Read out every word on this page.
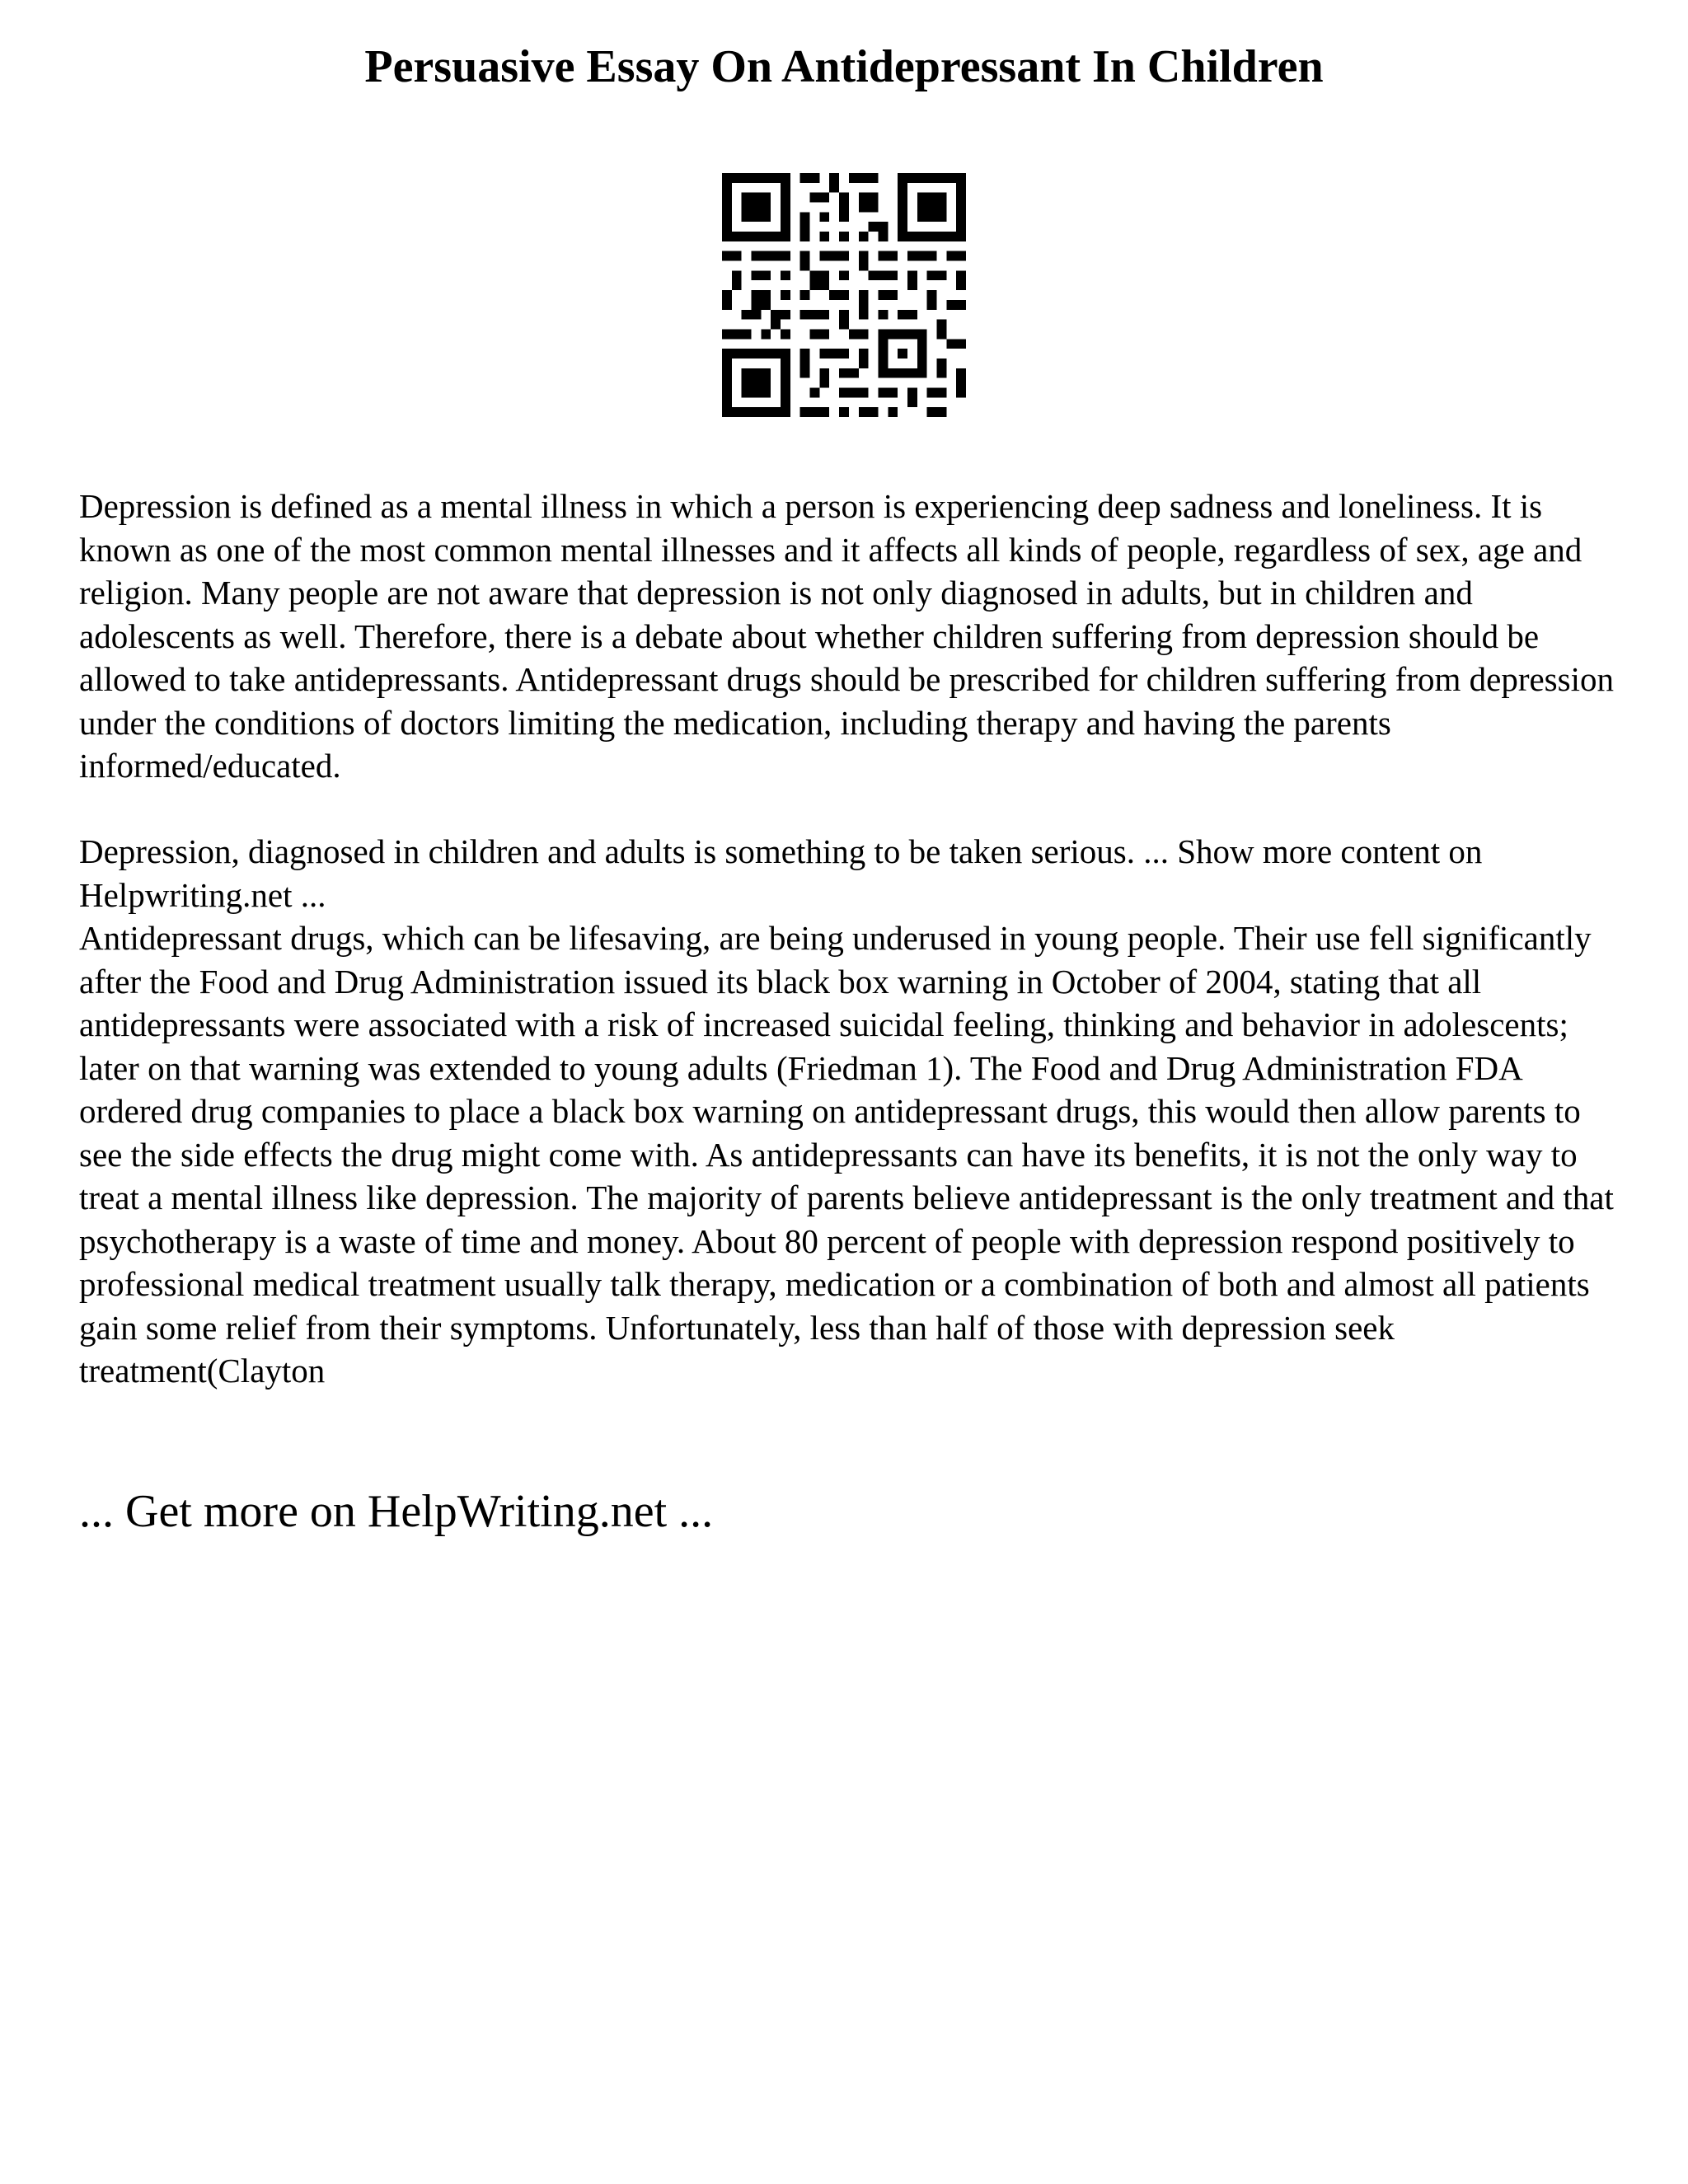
Persuasive Essay On Antidepressant In Children

Depression is defined as a mental illness in which a person is experiencing deep sadness and loneliness. It is known as one of the most common mental illnesses and it affects all kinds of people, regardless of sex, age and religion. Many people are not aware that depression is not only diagnosed in adults, but in children and adolescents as well. Therefore, there is a debate about whether children suffering from depression should be allowed to take antidepressants. Antidepressant drugs should be prescribed for children suffering from depression under the conditions of doctors limiting the medication, including therapy and having the parents informed/educated.

Depression, diagnosed in children and adults is something to be taken serious. ... Show more content on Helpwriting.net ...

Antidepressant drugs, which can be lifesaving, are being underused in young people. Their use fell significantly after the Food and Drug Administration issued its black box warning in October of 2004, stating that all antidepressants were associated with a risk of increased suicidal feeling, thinking and behavior in adolescents; later on that warning was extended to young adults (Friedman 1). The Food and Drug Administration FDA ordered drug companies to place a black box warning on antidepressant drugs, this would then allow parents to see the side effects the drug might come with. As antidepressants can have its benefits, it is not the only way to treat a mental illness like depression. The majority of parents believe antidepressant is the only treatment and that psychotherapy is a waste of time and money. About 80 percent of people with depression respond positively to professional medical treatment usually talk therapy, medication or a combination of both and almost all patients gain some relief from their symptoms. Unfortunately, less than half of those with depression seek treatment(Clayton

... Get more on HelpWriting.net ...
